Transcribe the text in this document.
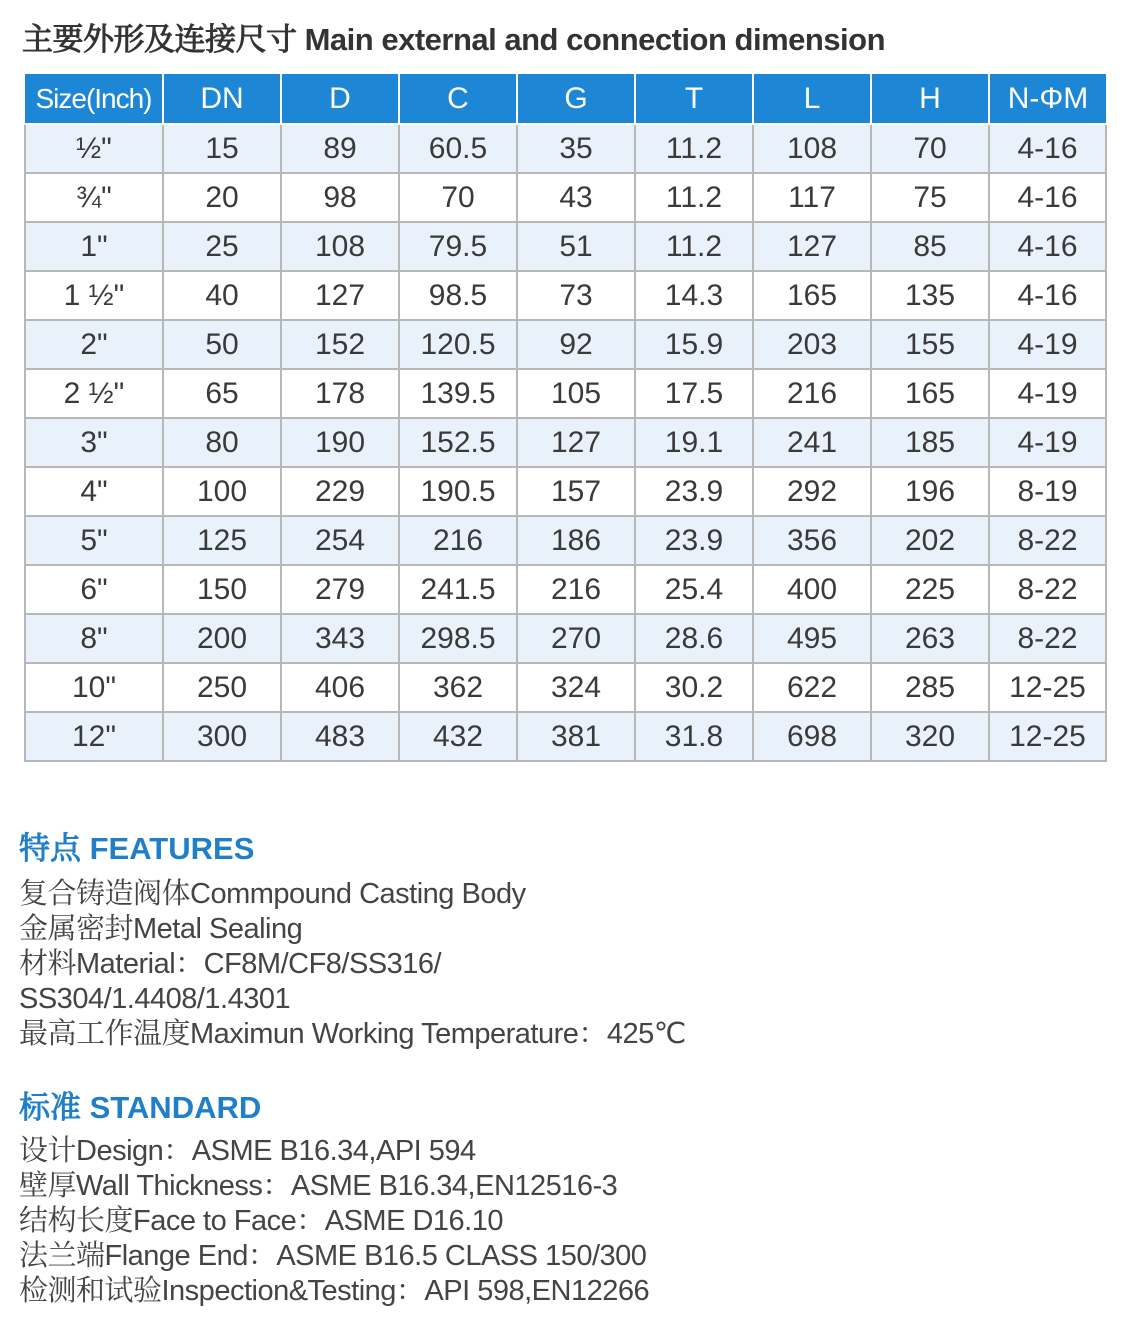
主要外形及连接尺寸 Main external and connection dimension
Size(Inch)	DN	D	C	G	T	L	H	N-ΦM
½"	15	89	60.5	35	11.2	108	70	4-16
¾"	20	98	70	43	11.2	117	75	4-16
1"	25	108	79.5	51	11.2	127	85	4-16
1 ½"	40	127	98.5	73	14.3	165	135	4-16
2"	50	152	120.5	92	15.9	203	155	4-19
2 ½"	65	178	139.5	105	17.5	216	165	4-19
3"	80	190	152.5	127	19.1	241	185	4-19
4"	100	229	190.5	157	23.9	292	196	8-19
5"	125	254	216	186	23.9	356	202	8-22
6"	150	279	241.5	216	25.4	400	225	8-22
8"	200	343	298.5	270	28.6	495	263	8-22
10"	250	406	362	324	30.2	622	285	12-25
12"	300	483	432	381	31.8	698	320	12-25
特点 FEATURES
复合铸造阀体Commpound Casting Body
金属密封Metal Sealing
材料Material：CF8M/CF8/SS316/
SS304/1.4408/1.4301
最高工作温度Maximun Working Temperature：425℃
标准 STANDARD
设计Design：ASME B16.34,API 594
壁厚Wall Thickness：ASME B16.34,EN12516-3
结构长度Face to Face：ASME D16.10
法兰端Flange End：ASME B16.5 CLASS 150/300
检测和试验Inspection&Testing：API 598,EN12266
